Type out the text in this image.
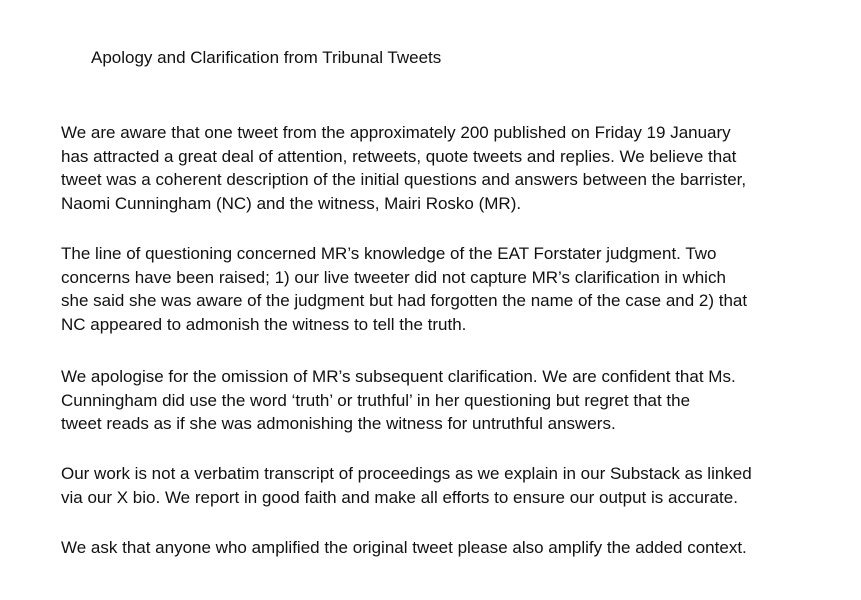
Apology and Clarification from Tribunal Tweets
We are aware that one tweet from the approximately 200 published on Friday 19 January
has attracted a great deal of attention, retweets, quote tweets and replies. We believe that
tweet was a coherent description of the initial questions and answers between the barrister,
Naomi Cunningham (NC) and the witness, Mairi Rosko (MR).
The line of questioning concerned MR’s knowledge of the EAT Forstater judgment. Two
concerns have been raised; 1) our live tweeter did not capture MR’s clarification in which
she said she was aware of the judgment but had forgotten the name of the case and 2) that
NC appeared to admonish the witness to tell the truth.
We apologise for the omission of MR’s subsequent clarification. We are confident that Ms.
Cunningham did use the word ‘truth’ or truthful’ in her questioning but regret that the
tweet reads as if she was admonishing the witness for untruthful answers.
Our work is not a verbatim transcript of proceedings as we explain in our Substack as linked
via our X bio. We report in good faith and make all efforts to ensure our output is accurate.
We ask that anyone who amplified the original tweet please also amplify the added context.
